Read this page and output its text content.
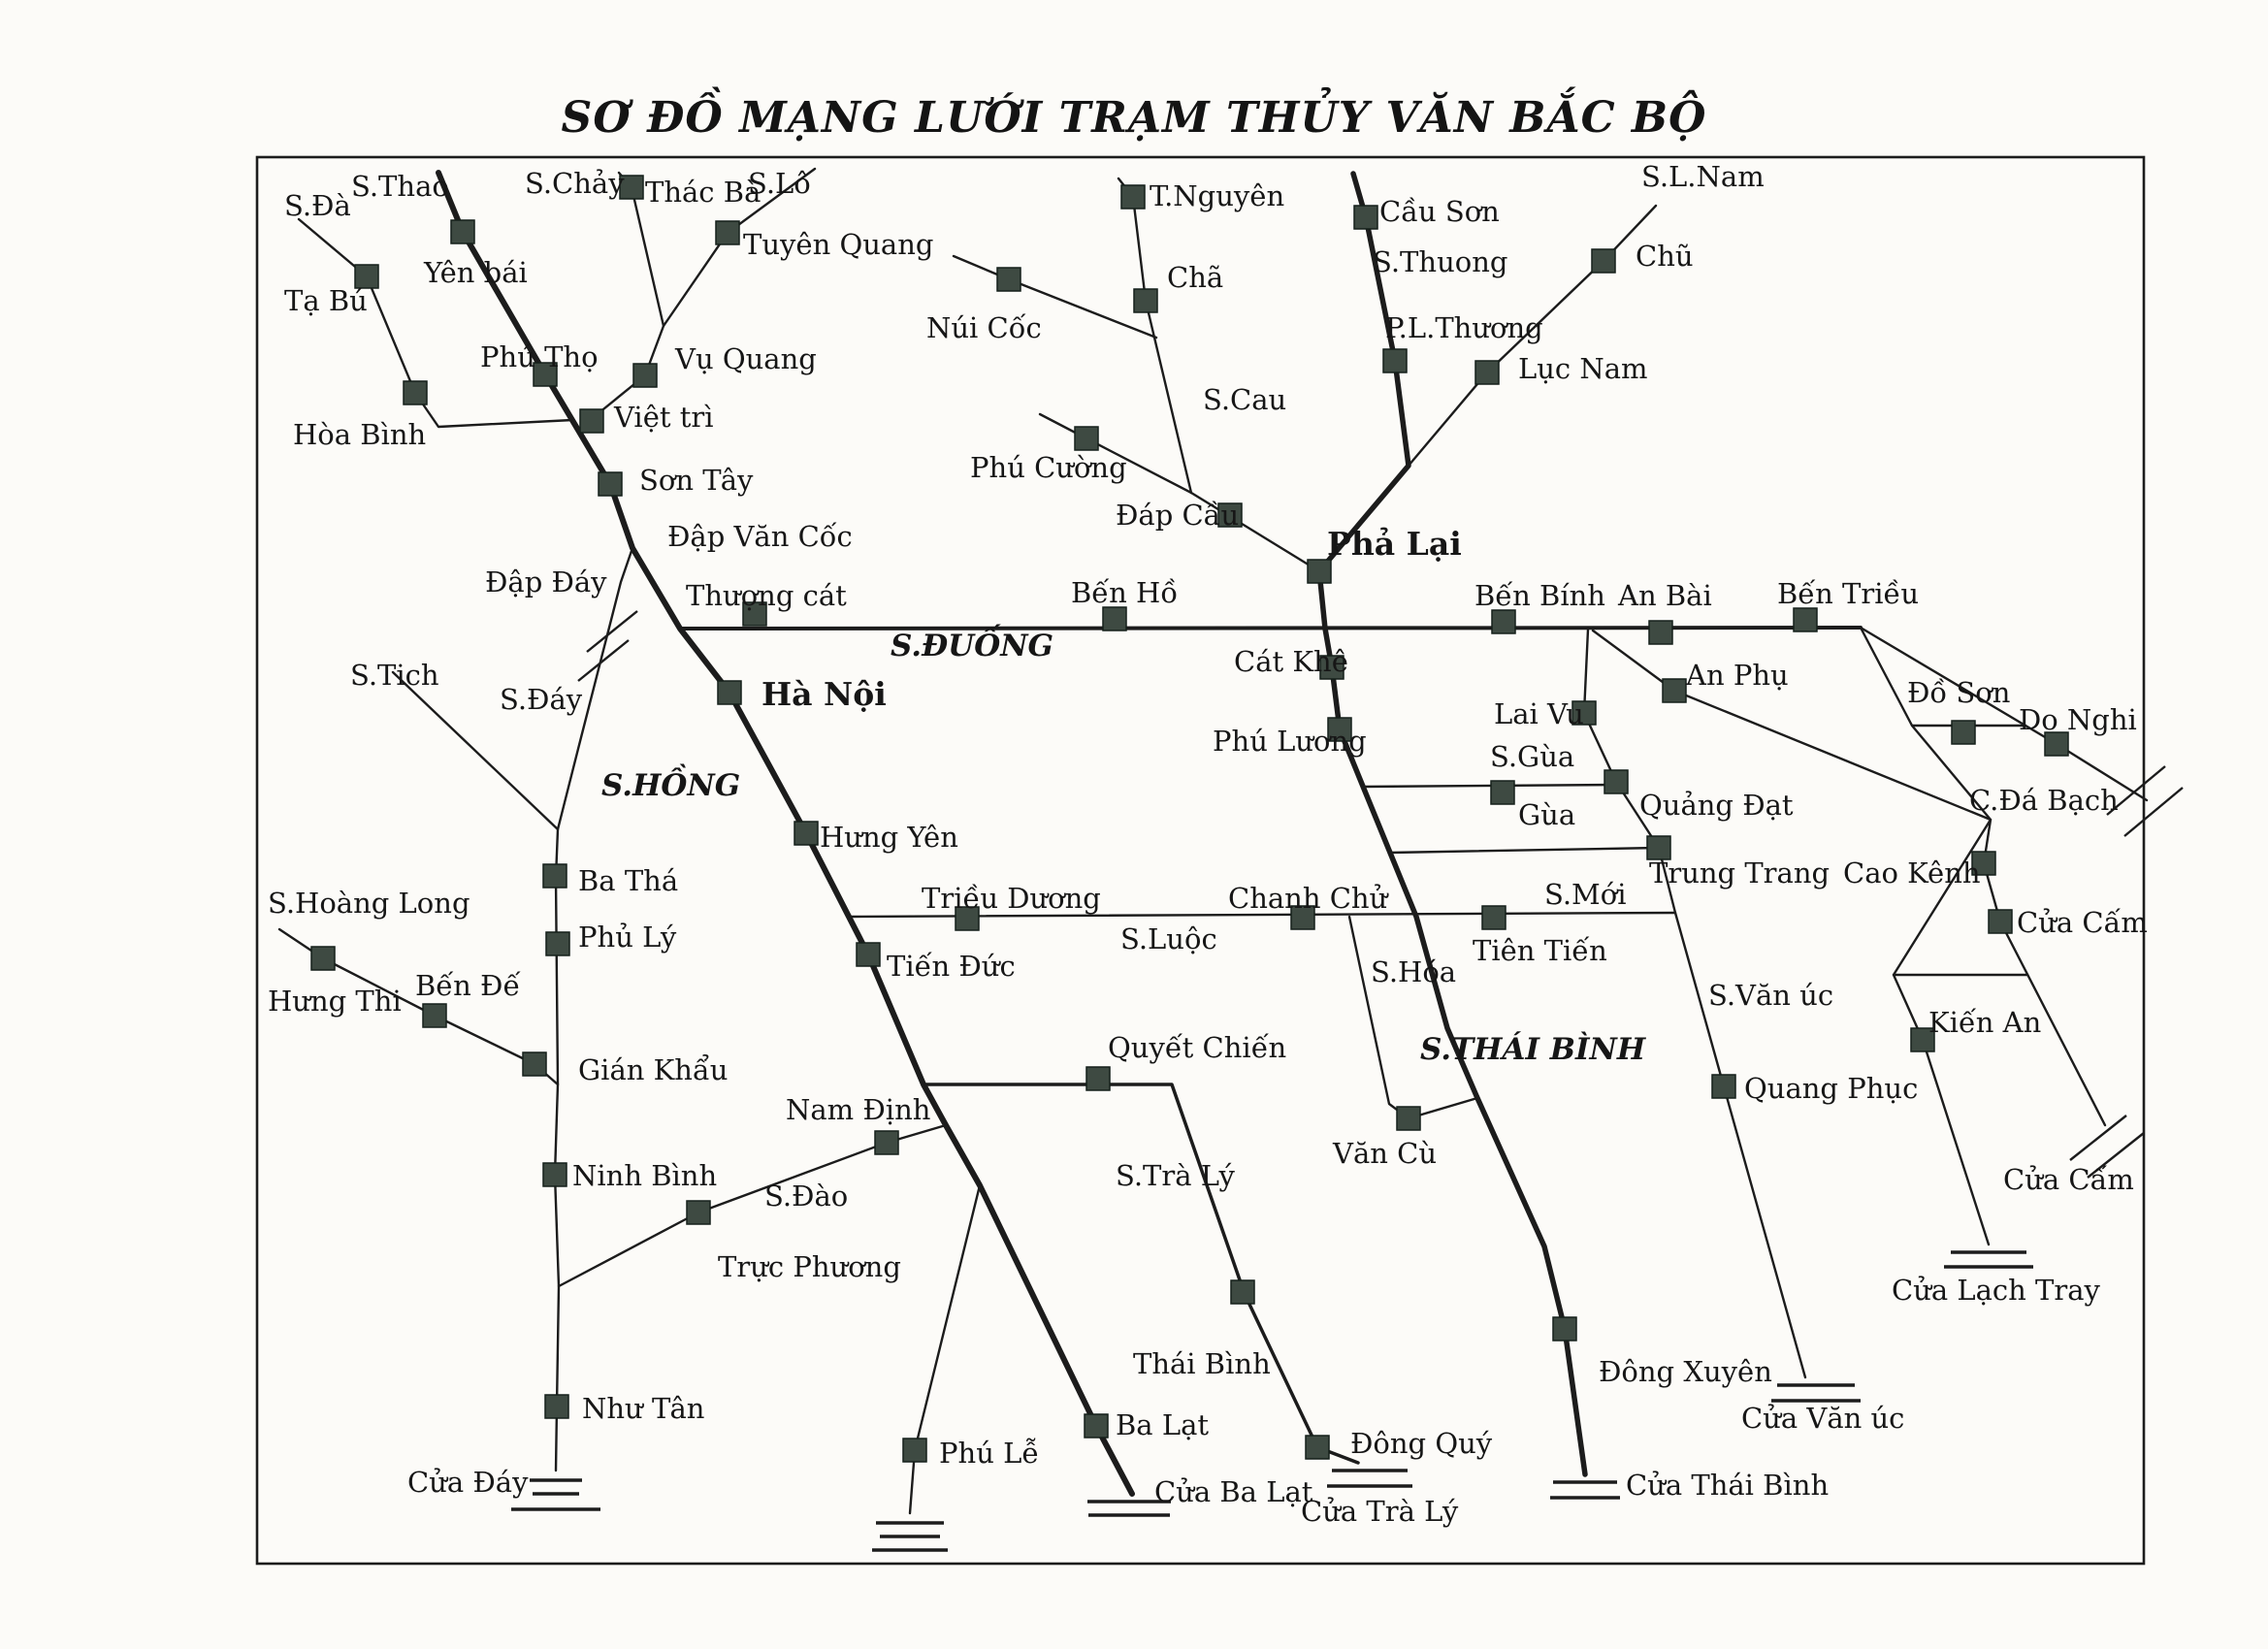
SƠ ĐỒ MẠNG LƯỚI TRẠM THỦY VĂN BẮC BỘ
Tạ Bú
Yên bái
Thác Bà
Tuyên Quang
Hòa Bình
Phú Thọ	Vụ Quang
Việt trì
Sơn Tây
Hà Nội
Thượng cát
T.Nguyên
Chã
Núi Cốc
Phú Cường
Đáp Cầu
Cầu Sơn
P.L.Thương
Chũ
Lục Nam
Phả Lại
Bến Hồ	Bến Bính An Bài Bến Triều
Cát Khê
Phú Lương
Hưng Yên
Lai Vu
An Phụ
Đồ Sơn
Do Nghi
Gùa Quảng Đạt
Trung Trang Cao Kênh
Cửa Cấm
Ba Thá
Phủ Lý
Hưng Thi Bến Đế
Gián Khẩu
Triều Dương	Chanh Chử
Tiên Tiến
Tiến Đức
Quyết Chiến
Văn Cù
Quang Phục
Kiến An
Ninh Bình
Nam Định
Trực Phương
Như Tân
Thái Bình
Đông Quý
Ba Lạt
Phú Lễ
Đông Xuyên
S.Đà
S.Thao	S.Chảy	S.Lô
S.Thuong
S.L.Nam
S.Cau
Đập Văn Cốc
Đập Đáy
S.ĐUỐNG
S.Tich
S.Đáy
S.HỒNG
S.Gùa
C.Đá Bạch
S.Hoàng Long	S.Mới
S.Luộc
S.Hóa
S.THÁI BÌNH
S.Văn úc
S.Trà Lý
S.Đào
Cửa Đáy	Cửa Ba Lạt
Cửa Trà Lý
Cửa Thái Bình
Cửa Văn úc
Cửa Lạch Tray
Cửa Cấm
